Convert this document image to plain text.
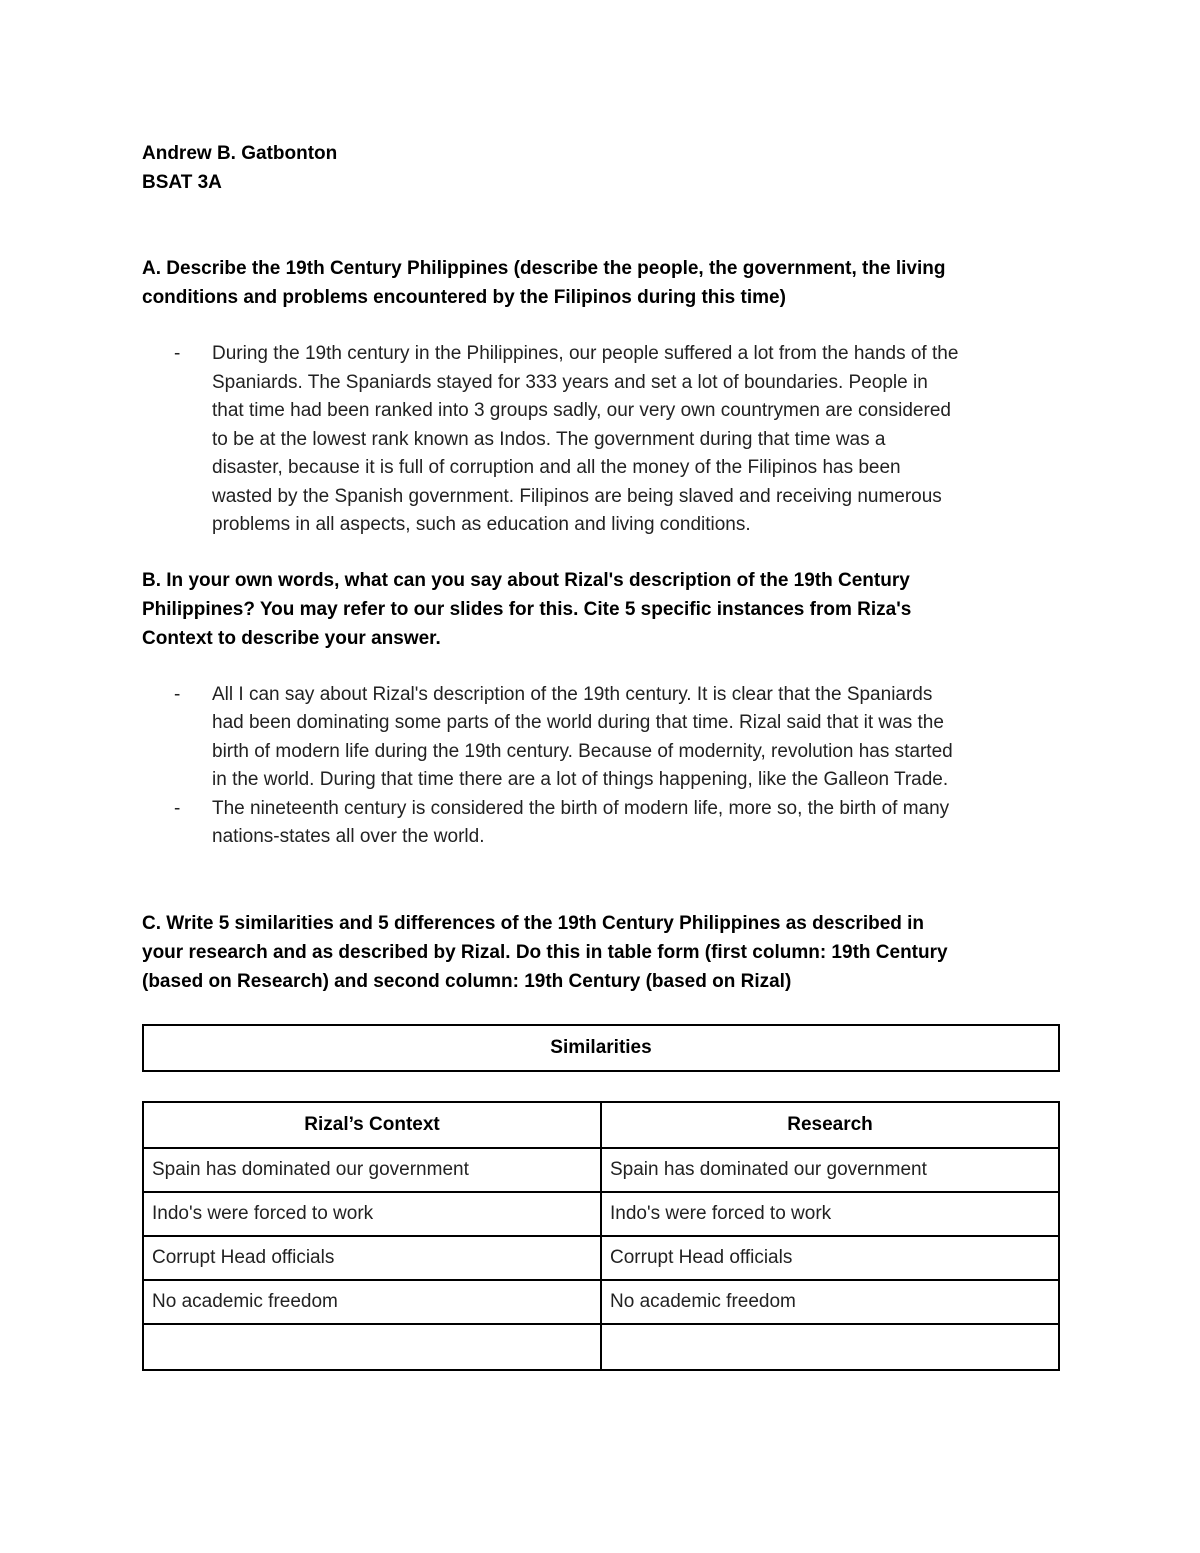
Andrew B. Gatbonton

BSAT 3A

A. Describe the 19th Century Philippines (describe the people, the government, the living

conditions and problems encountered by the Filipinos during this time)

- During the 19th century in the Philippines, our people suffered a lot from the hands of the
Spaniards. The Spaniards stayed for 333 years and set a lot of boundaries. People in
that time had been ranked into 3 groups sadly, our very own countrymen are considered
to be at the lowest rank known as Indos. The government during that time was a
disaster, because it is full of corruption and all the money of the Filipinos has been
wasted by the Spanish government. Filipinos are being slaved and receiving numerous
problems in all aspects, such as education and living conditions.

B. In your own words, what can you say about Rizal's description of the 19th Century

Philippines? You may refer to our slides for this. Cite 5 specific instances from Riza's

Context to describe your answer.

- All I can say about Rizal's description of the 19th century. It is clear that the Spaniards
had been dominating some parts of the world during that time. Rizal said that it was the
birth of modern life during the 19th century. Because of modernity, revolution has started
in the world. During that time there are a lot of things happening, like the Galleon Trade.
- The nineteenth century is considered the birth of modern life, more so, the birth of many
nations-states all over the world.

C. Write 5 similarities and 5 differences of the 19th Century Philippines as described in

your research and as described by Rizal. Do this in table form (first column: 19th Century

(based on Research) and second column: 19th Century (based on Rizal)

Similarities
Rizal’s Context	Research
Spain has dominated our government	Spain has dominated our government
Indo's were forced to work	Indo's were forced to work
Corrupt Head officials	Corrupt Head officials
No academic freedom	No academic freedom
